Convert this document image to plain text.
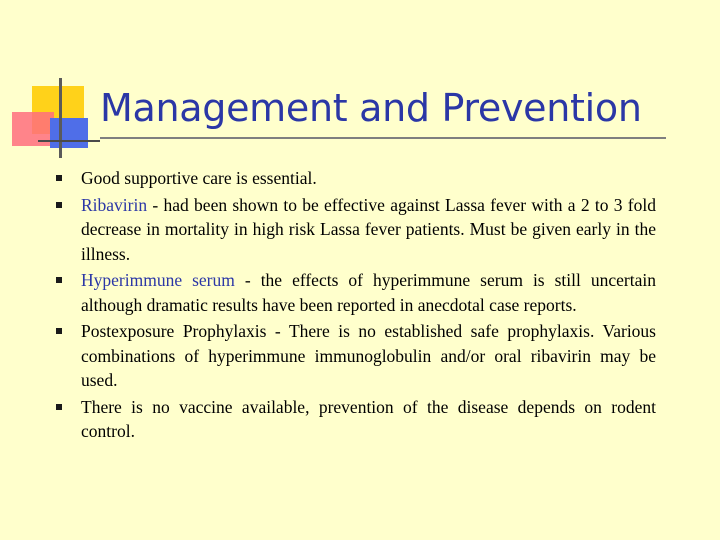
Management and Prevention
Good supportive care is essential.
Ribavirin - had been shown to be effective against Lassa fever with a 2 to 3 fold decrease in mortality in high risk Lassa fever patients. Must be given early in the illness.
Hyperimmune serum - the effects of hyperimmune serum is still uncertain although dramatic results have been reported in anecdotal case reports.
Postexposure Prophylaxis - There is no established safe prophylaxis. Various combinations of hyperimmune immunoglobulin and/or oral ribavirin may be used.
There is no vaccine available, prevention of the disease depends on rodent control.
